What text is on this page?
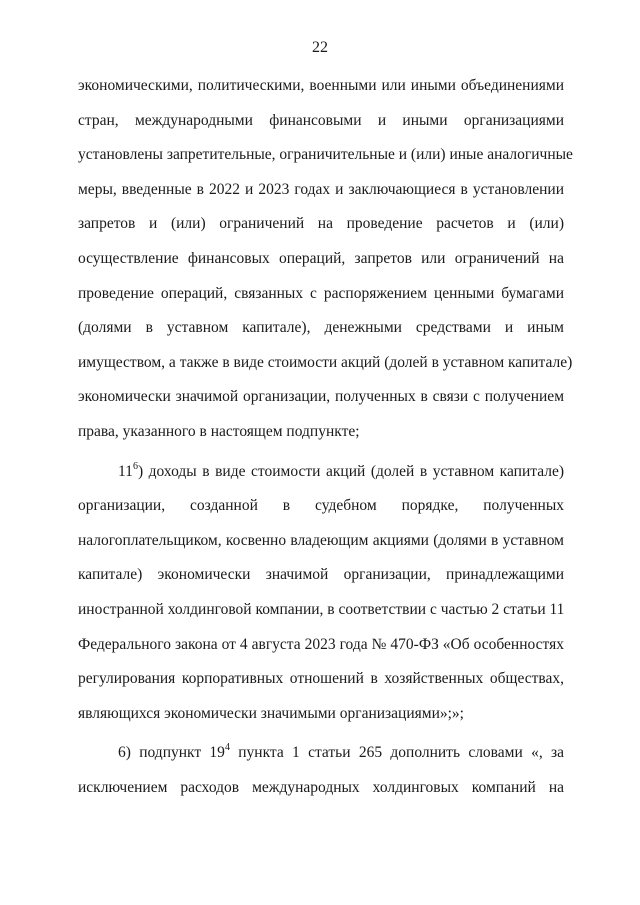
22
экономическими, политическими, военными или иными объединениями
стран, международными финансовыми и иными организациями
установлены запретительные, ограничительные и (или) иные аналогичные
меры, введенные в 2022 и 2023 годах и заключающиеся в установлении
запретов и (или) ограничений на проведение расчетов и (или)
осуществление финансовых операций, запретов или ограничений на
проведение операций, связанных с распоряжением ценными бумагами
(долями в уставном капитале), денежными средствами и иным
имуществом, а также в виде стоимости акций (долей в уставном капитале)
экономически значимой организации, полученных в связи с получением
права, указанного в настоящем подпункте;
$11^6$) доходы в виде стоимости акций (долей в уставном капитале)
организации, созданной в судебном порядке, полученных
налогоплательщиком, косвенно владеющим акциями (долями в уставном
капитале) экономически значимой организации, принадлежащими
иностранной холдинговой компании, в соответствии с частью 2 статьи 11
Федерального закона от 4 августа 2023 года № 470-ФЗ «Об особенностях
регулирования корпоративных отношений в хозяйственных обществах,
являющихся экономически значимыми организациями»;»;
6) подпункт $19^4$ пункта 1 статьи 265 дополнить словами «, за
исключением расходов международных холдинговых компаний на
